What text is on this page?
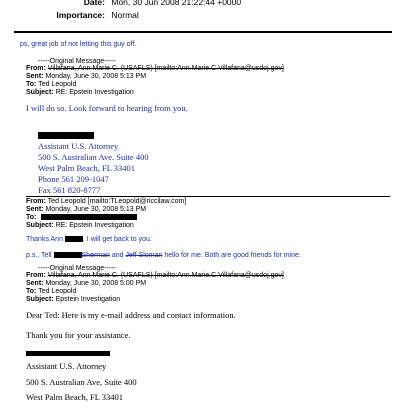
Date: Mon, 30 Jun 2008 21:22:44 +0000
Importance: Normal
ps, great job of not letting this guy off.
-----Original Message-----
From: Villafana, Ann Marie C. (USAFLS) [mailto:Ann.Marie.C.Villafana@usdoj.gov]
Sent: Monday, June 30, 2008 5:13 PM
To: Ted Leopold
Subject: RE: Epstein Investigation
I will do so. Look forward to hearing from you.
Assistant U.S. Attorney
500 S. Australian Ave. Suite 400
West Palm Beach, FL 33401
Phone 561 209-1047
Fax 561 820-8777
From: Ted Leopold [mailto:TLeopold@riccilaw.com]
Sent: Monday, June 30, 2008 5:13 PM
To:
Subject: RE: Epstein Investigation
Thanks Ann	. I will get back to you.
p.s., Tell	Sherman and Jeff Sloman hello for me. Both are good friends for mine.
-----Original Message-----
From: Villafana, Ann Marie C. (USAFLS) [mailto:Ann.Marie.C.Villafana@usdoj.gov]
Sent: Monday, June 30, 2008 5:00 PM
To: Ted Leopold
Subject: Epstein Investigation
Dear Ted: Here is my e-mail address and contact information.
Thank you for your assistance.
Assistant U.S. Attorney
500 S. Australian Ave, Suite 400
West Palm Beach, FL 33401
